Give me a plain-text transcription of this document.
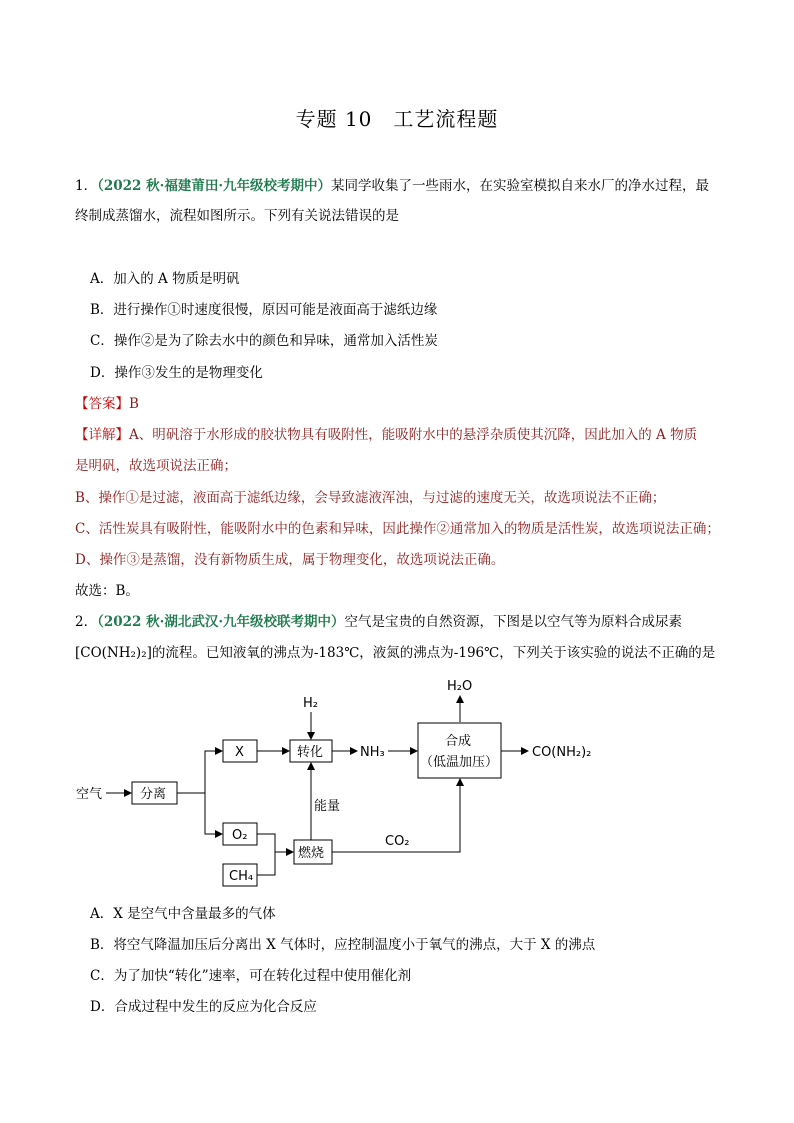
专题 10　工艺流程题
1．（2022 秋·福建莆田·九年级校考期中）某同学收集了一些雨水，在实验室模拟自来水厂的净水过程，最
终制成蒸馏水，流程如图所示。下列有关说法错误的是
A．加入的 A 物质是明矾
B．进行操作①时速度很慢，原因可能是液面高于滤纸边缘
C．操作②是为了除去水中的颜色和异味，通常加入活性炭
D．操作③发生的是物理变化
【答案】B
【详解】A、明矾溶于水形成的胶状物具有吸附性，能吸附水中的悬浮杂质使其沉降，因此加入的 A 物质
是明矾，故选项说法正确；
B、操作①是过滤，液面高于滤纸边缘，会导致滤液浑浊，与过滤的速度无关，故选项说法不正确；
C、活性炭具有吸附性，能吸附水中的色素和异味，因此操作②通常加入的物质是活性炭，故选项说法正确；
D、操作③是蒸馏，没有新物质生成，属于物理变化，故选项说法正确。
故选：B。
2．（2022 秋·湖北武汉·九年级校联考期中）空气是宝贵的自然资源，下图是以空气等为原料合成尿素
[CO(NH₂)₂]的流程。已知液氧的沸点为-183℃，液氮的沸点为-196℃，下列关于该实验的说法不正确的是
空气	分离
X
O₂
CH₄
H₂
转化	NH₃
合成
（低温加压）
H₂O
CO(NH₂)₂
燃烧
能量
CO₂
A．X 是空气中含量最多的气体
B．将空气降温加压后分离出 X 气体时，应控制温度小于氧气的沸点，大于 X 的沸点
C．为了加快“转化”速率，可在转化过程中使用催化剂
D．合成过程中发生的反应为化合反应
